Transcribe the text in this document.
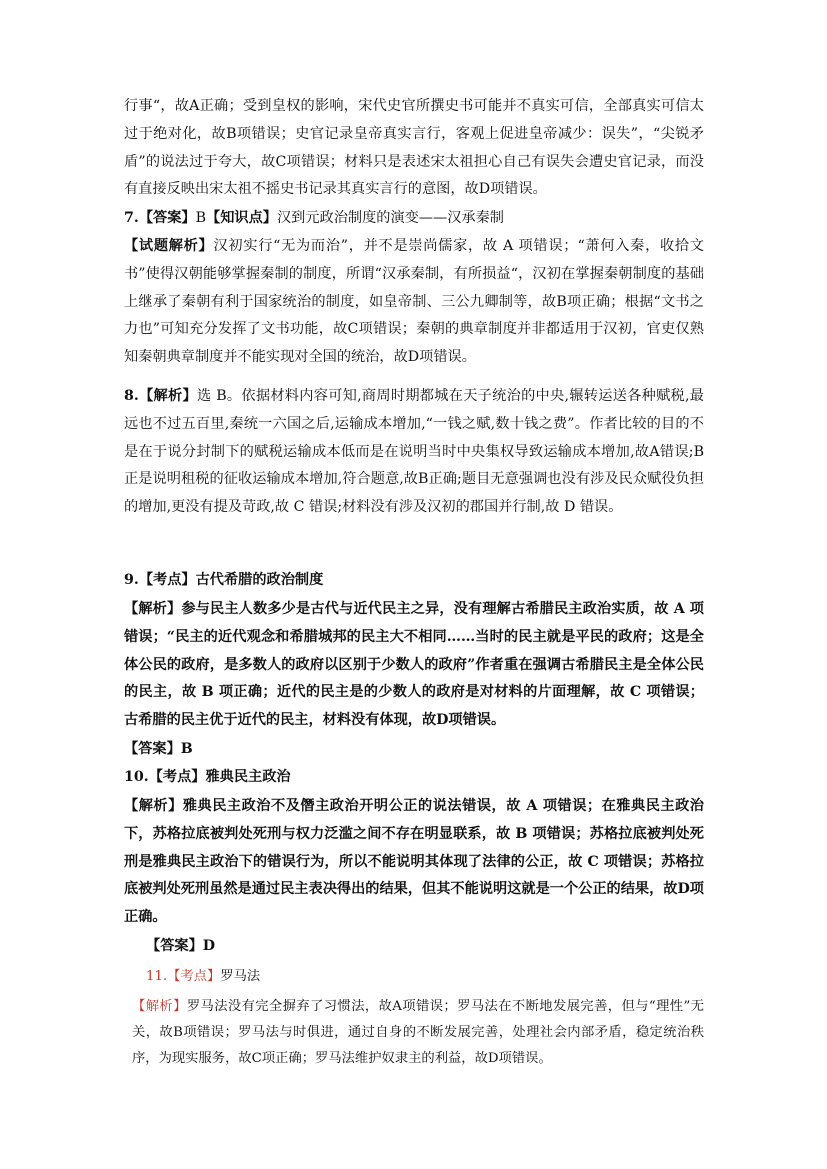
行事“，故A正确；受到皇权的影响，宋代史官所撰史书可能并不真实可信，全部真实可信太过于绝对化，故B项错误；史官记录皇帝真实言行，客观上促进皇帝减少：误失”，“尖锐矛盾”的说法过于夸大，故C项错误；材料只是表述宋太祖担心自己有误失会遭史官记录，而没有直接反映出宋太祖不摇史书记录其真实言行的意图，故D项错误。
7.【答案】B【知识点】汉到元政治制度的演变——汉承秦制
【试题解析】汉初实行“无为而治”，并不是崇尚儒家，故 A 项错误；“萧何入秦，收拾文书”使得汉朝能够掌握秦制的制度，所谓“汉承秦制，有所损益“，汉初在掌握秦朝制度的基础上继承了秦朝有利于国家统治的制度，如皇帝制、三公九卿制等，故B项正确；根据“文书之力也”可知充分发挥了文书功能，故C项错误；秦朝的典章制度并非都适用于汉初，官吏仅熟知秦朝典章制度并不能实现对全国的统治，故D项错误。
8.【解析】选 B。依据材料内容可知,商周时期都城在天子统治的中央,辗转运送各种赋税,最远也不过五百里,秦统一六国之后,运输成本增加,“一钱之赋,数十钱之费”。作者比较的目的不是在于说分封制下的赋税运输成本低而是在说明当时中央集权导致运输成本增加,故A错误;B正是说明租税的征收运输成本增加,符合题意,故B正确;题目无意强调也没有涉及民众赋役负担的增加,更没有提及苛政,故 C 错误;材料没有涉及汉初的郡国并行制,故 D 错误。
9.【考点】古代希腊的政治制度
【解析】参与民主人数多少是古代与近代民主之异，没有理解古希腊民主政治实质，故 A 项错误；“民主的近代观念和希腊城邦的民主大不相同……当时的民主就是平民的政府；这是全体公民的政府，是多数人的政府以区别于少数人的政府”作者重在强调古希腊民主是全体公民的民主，故 B 项正确；近代的民主是的少数人的政府是对材料的片面理解，故 C 项错误；古希腊的民主优于近代的民主，材料没有体现，故D项错误。
【答案】B
10.【考点】雅典民主政治
【解析】雅典民主政治不及僭主政治开明公正的说法错误，故 A 项错误；在雅典民主政治下，苏格拉底被判处死刑与权力泛滥之间不存在明显联系，故 B 项错误；苏格拉底被判处死刑是雅典民主政治下的错误行为，所以不能说明其体现了法律的公正，故 C 项错误；苏格拉底被判处死刑虽然是通过民主表决得出的结果，但其不能说明这就是一个公正的结果，故D项正确。
【答案】D
11.【考点】罗马法
【解析】罗马法没有完全摒弃了习惯法，故A项错误；罗马法在不断地发展完善，但与“理性”无关，故B项错误；罗马法与时俱进，通过自身的不断发展完善，处理社会内部矛盾，稳定统治秩序，为现实服务，故C项正确；罗马法维护奴隶主的利益，故D项错误。
